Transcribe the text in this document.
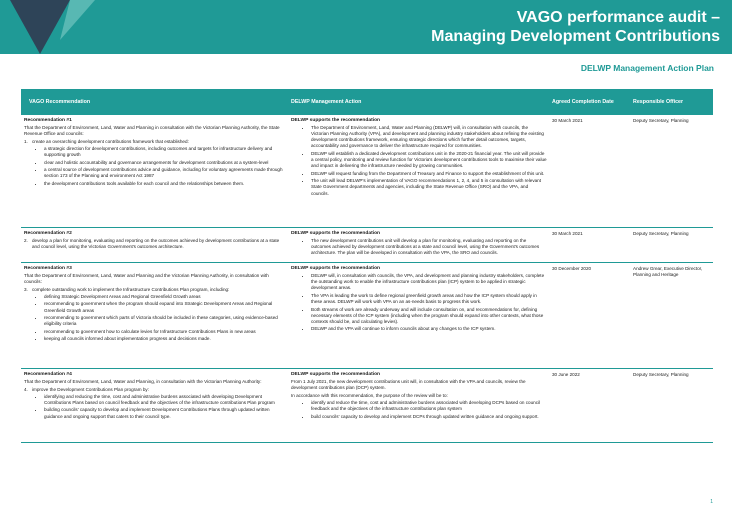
VAGO performance audit –
Managing Development Contributions
DELWP Management Action Plan
VAGO Recommendation	DELWP Management Action	Agreed Completion Date	Responsible Officer
Recommendation #1

That the Department of Environment, Land, Water and Planning in consultation with the Victorian Planning Authority, the State Revenue Office and councils:

1. create an overarching development contributions framework that established:
• a strategic direction for development contributions, including outcomes and targets for infrastructure delivery and supporting growth
• clear and holistic accountability and governance arrangements for development contributions at a system-level
• a central source of development contributions advice and guidance, including for voluntary agreements made through section 173 of the Planning and environment Act 1987
• the development contributions tools available for each council and the relationships between them.
DELWP supports the recommendation
• The Department of Environment, Land, Water and Planning (DELWP) will, in consultation with councils, the Victorian Planning Authority (VPA), and development and planning industry stakeholders about refining the existing development contributions framework, ensuring strategic directions which further detail outcomes, targets, accountability and governance to deliver the infrastructure required for communities.
• DELWP will establish a dedicated development contributions unit in the 2020-21 financial year. The unit will provide a central policy, monitoring and review function for Victoria's development contributions tools to maximise their value and impact in delivering the infrastructure needed by growing communities.
• DELWP will request funding from the Department of Treasury and Finance to support the establishment of this unit.
• The unit will lead DELWP's implementation of VAGO recommendations 1, 2, 4, and 5 in consultation with relevant State Government departments and agencies, including the State Revenue Office (SRO) and the VPA, and councils.
30 March 2021	Deputy Secretary, Planning
Recommendation #2
2. develop a plan for monitoring, evaluating and reporting on the outcomes achieved by development contributions at a state and council level, using the Victorian Government's outcomes architecture.
DELWP supports the recommendation
• The new development contributions unit will develop a plan for monitoring, evaluating and reporting on the outcomes achieved by development contributions at a state and council level, using the Government's outcomes architecture. The plan will be developed in consultation with the VPA, the SRO and councils.
30 March 2021	Deputy Secretary, Planning
Recommendation #3

That the Department of Environment, Land, Water and Planning and the Victorian Planning Authority, in consultation with councils:

3. complete outstanding work to implement the Infrastructure Contributions Plan program, including:
• defining Strategic Development Areas and Regional Greenfield Growth areas
• recommending to government when the program should expand into Strategic Development Areas and Regional Greenfield Growth areas
• recommending to government which parts of Victoria should be included in these categories, using evidence-based eligibility criteria
• recommending to government how to calculate levies for Infrastructure Contributions Plans in new areas
• keeping all councils informed about implementation progress and decisions made.
DELWP supports the recommendation
• DELWP will, in consultation with councils, the VPA, and development and planning industry stakeholders, complete the outstanding work to enable the infrastructure contributions plan (ICP) system to be applied in strategic development areas.
• The VPA is leading the work to define regional greenfield growth areas and how the ICP system should apply in these areas. DELWP will work with VPA on an as-needs basis to progress this work.
• Both streams of work are already underway and will include consultation on, and recommendations for, defining necessary elements of the ICP system (including when the program should expand into other contexts, what those contexts should be, and calculating levies).
• DELWP and the VPA will continue to inform councils about any changes to the ICP system.
30 December 2020	Andrew Grear, Executive Director, Planning and Heritage
Recommendation #4

That the Department of Environment, Land, Water and Planning, in consultation with the Victorian Planning Authority:

4. improve the Development Contributions Plan program by:
• identifying and reducing the time, cost and administrative burdens associated with developing Development Contributions Plans based on council feedback and the objectives of the infrastructure contributions Plan program
• building councils' capacity to develop and implement Development Contributions Plans through updated written guidance and ongoing support that caters to their council type.
DELWP supports the recommendation

From 1 July 2021, the new development contributions unit will, in consultation with the VPA and councils, review the development contributions plan (DCP) system.

In accordance with this recommendation, the purpose of the review will be to:

• identify and reduce the time, cost and administrative burdens associated with developing DCPs based on council feedback and the objectives of the infrastructure contributions plan system
• build councils' capacity to develop and implement DCPs through updated written guidance and ongoing support.
30 June 2022	Deputy Secretary, Planning
1
